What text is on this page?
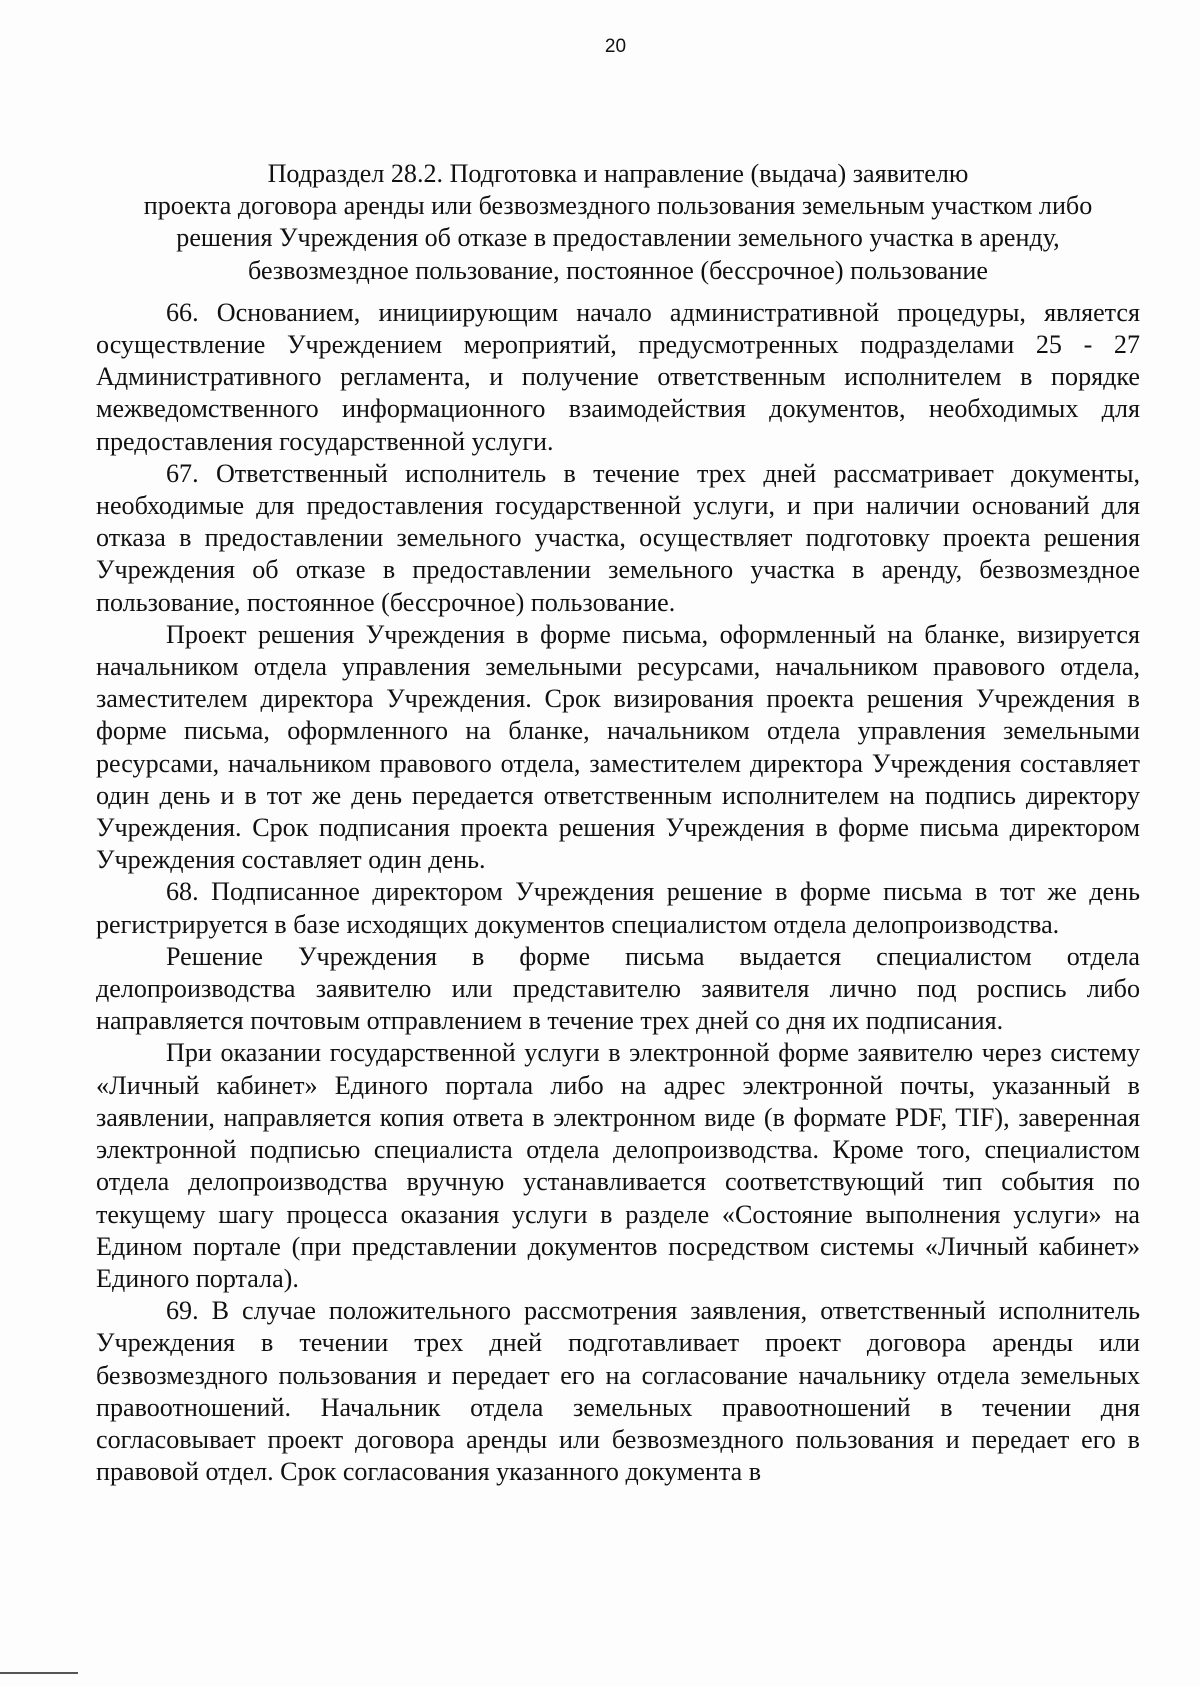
20
Подраздел 28.2. Подготовка и направление (выдача) заявителю
проекта договора аренды или безвозмездного пользования земельным участком либо
решения Учреждения об отказе в предоставлении земельного участка в аренду,
безвозмездное пользование, постоянное (бессрочное) пользование

66. Основанием, инициирующим начало административной процедуры, является осуществление Учреждением мероприятий, предусмотренных подразделами 25 - 27 Административного регламента, и получение ответственным исполнителем в порядке межведомственного информационного взаимодействия документов, необходимых для предоставления государственной услуги.

67. Ответственный исполнитель в течение трех дней рассматривает документы, необходимые для предоставления государственной услуги, и при наличии оснований для отказа в предоставлении земельного участка, осуществляет подготовку проекта решения Учреждения об отказе в предоставлении земельного участка в аренду, безвозмездное пользование, постоянное (бессрочное) пользование.

Проект решения Учреждения в форме письма, оформленный на бланке, визируется начальником отдела управления земельными ресурсами, начальником правового отдела, заместителем директора Учреждения. Срок визирования проекта решения Учреждения в форме письма, оформленного на бланке, начальником отдела управления земельными ресурсами, начальником правового отдела, заместителем директора Учреждения составляет один день и в тот же день передается ответственным исполнителем на подпись директору Учреждения. Срок подписания проекта решения Учреждения в форме письма директором Учреждения составляет один день.

68. Подписанное директором Учреждения решение в форме письма в тот же день регистрируется в базе исходящих документов специалистом отдела делопроизводства.

Решение Учреждения в форме письма выдается специалистом отдела делопроизводства заявителю или представителю заявителя лично под роспись либо направляется почтовым отправлением в течение трех дней со дня их подписания.

При оказании государственной услуги в электронной форме заявителю через систему «Личный кабинет» Единого портала либо на адрес электронной почты, указанный в заявлении, направляется копия ответа в электронном виде (в формате PDF, TIF), заверенная электронной подписью специалиста отдела делопроизводства. Кроме того, специалистом отдела делопроизводства вручную устанавливается соответствующий тип события по текущему шагу процесса оказания услуги в разделе «Состояние выполнения услуги» на Едином портале (при представлении документов посредством системы «Личный кабинет» Единого портала).

69. В случае положительного рассмотрения заявления, ответственный исполнитель Учреждения в течении трех дней подготавливает проект договора аренды или безвозмездного пользования и передает его на согласование начальнику отдела земельных правоотношений. Начальник отдела земельных правоотношений в течении дня согласовывает проект договора аренды или безвозмездного пользования и передает его в правовой отдел. Срок согласования указанного документа в
